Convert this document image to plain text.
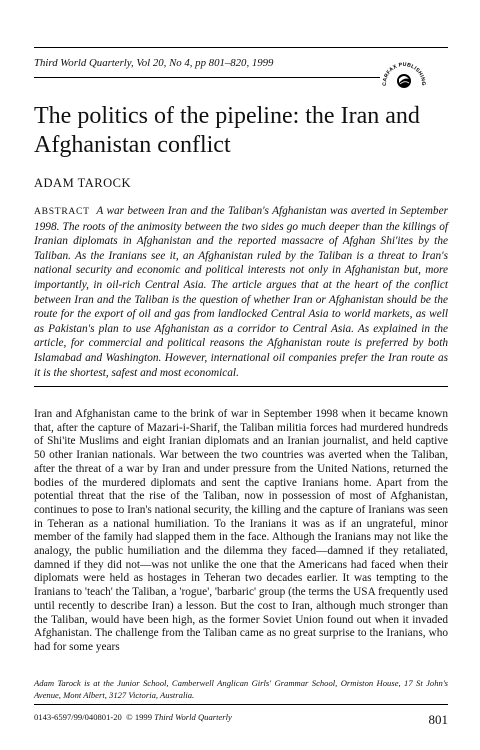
Third World Quarterly, Vol 20, No 4, pp 801–820, 1999
CARFAX PUBLISHING
The politics of the pipeline: the Iran and Afghanistan conflict
ADAM TAROCK

ABSTRACT A war between Iran and the Taliban's Afghanistan was averted in September 1998. The roots of the animosity between the two sides go much deeper than the killings of Iranian diplomats in Afghanistan and the reported massacre of Afghan Shi'ites by the Taliban. As the Iranians see it, an Afghanistan ruled by the Taliban is a threat to Iran's national security and economic and political interests not only in Afghanistan but, more importantly, in oil-rich Central Asia. The article argues that at the heart of the conflict between Iran and the Taliban is the question of whether Iran or Afghanistan should be the route for the export of oil and gas from landlocked Central Asia to world markets, as well as Pakistan's plan to use Afghanistan as a corridor to Central Asia. As explained in the article, for commercial and political reasons the Afghanistan route is preferred by both Islamabad and Washington. However, international oil companies prefer the Iran route as it is the shortest, safest and most economical.

Iran and Afghanistan came to the brink of war in September 1998 when it became known that, after the capture of Mazari-i-Sharif, the Taliban militia forces had murdered hundreds of Shi'ite Muslims and eight Iranian diplomats and an Iranian journalist, and held captive 50 other Iranian nationals. War between the two countries was averted when the Taliban, after the threat of a war by Iran and under pressure from the United Nations, returned the bodies of the murdered diplomats and sent the captive Iranians home. Apart from the potential threat that the rise of the Taliban, now in possession of most of Afghanistan, continues to pose to Iran's national security, the killing and the capture of Iranians was seen in Teheran as a national humiliation. To the Iranians it was as if an ungrateful, minor member of the family had slapped them in the face. Although the Iranians may not like the analogy, the public humiliation and the dilemma they faced—damned if they retaliated, damned if they did not—was not unlike the one that the Americans had faced when their diplomats were held as hostages in Teheran two decades earlier. It was tempting to the Iranians to 'teach' the Taliban, a 'rogue', 'barbaric' group (the terms the USA frequently used until recently to describe Iran) a lesson. But the cost to Iran, although much stronger than the Taliban, would have been high, as the former Soviet Union found out when it invaded Afghanistan. The challenge from the Taliban came as no great surprise to the Iranians, who had for some years

Adam Tarock is at the Junior School, Camberwell Anglican Girls' Grammar School, Ormiston House, 17 St John's Avenue, Mont Albert, 3127 Victoria, Australia.

0143-6597/99/040801-20 © 1999 Third World Quarterly	801
